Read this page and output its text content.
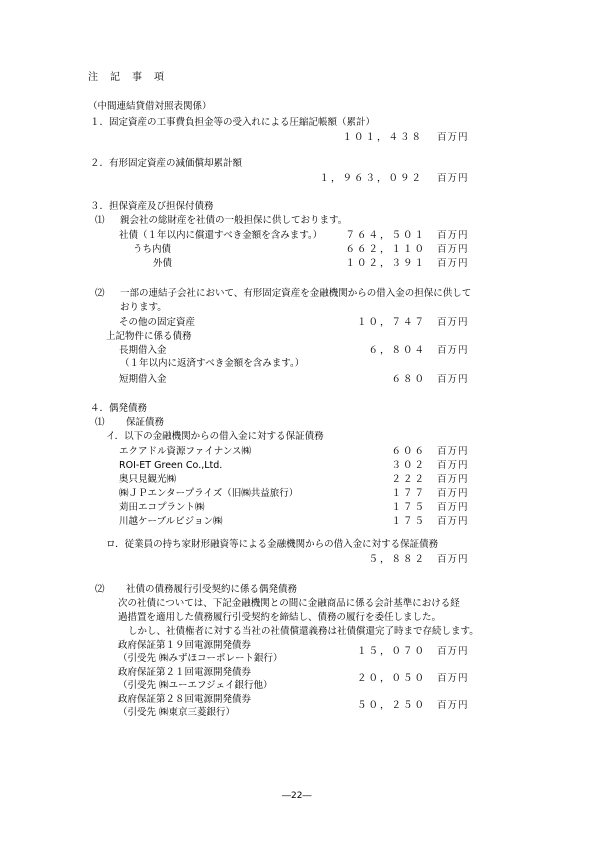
注記事項
（中間連結貸借対照表関係）
１．固定資産の工事費負担金等の受入れによる圧縮記帳額（累計）
１０１，４３８ 百万円
２．有形固定資産の減価償却累計額
１，９６３，０９２ 百万円
３．担保資産及び担保付債務
⑴ 親会社の総財産を社債の一般担保に供しております。
社債（１年以内に償還すべき金額を含みます。）	７６４，５０１ 百万円
うち内債	６６２，１１０ 百万円
外債	１０２，３９１ 百万円
⑵ 一部の連結子会社において、有形固定資産を金融機関からの借入金の担保に供して
おります。
その他の固定資産	１０，７４７ 百万円
上記物件に係る債務
長期借入金	６，８０４ 百万円
（１年以内に返済すべき金額を含みます。）
短期借入金	６８０ 百万円
４．偶発債務
⑴ 保証債務
イ．以下の金融機関からの借入金に対する保証債務
エクアドル資源ファイナンス㈱	６０６ 百万円
ROI-ET Green Co.,Ltd.	３０２ 百万円
奥只見観光㈱	２２２ 百万円
㈱ＪＰエンタープライズ（旧㈱共益旅行）	１７７ 百万円
苅田エコプラント㈱	１７５ 百万円
川越ケーブルビジョン㈱	１７５ 百万円
ロ．従業員の持ち家財形融資等による金融機関からの借入金に対する保証債務
５，８８２ 百万円
⑵ 社債の債務履行引受契約に係る偶発債務
次の社債については、下記金融機関との間に金融商品に係る会計基準における経
過措置を適用した債務履行引受契約を締結し、債務の履行を委任しました。
しかし、社債権者に対する当社の社債償還義務は社債償還完了時まで存続します。
政府保証第１９回電源開発債券
（引受先 ㈱みずほコーポレート銀行）
１５，０７０ 百万円
政府保証第２１回電源開発債券
（引受先 ㈱ユーエフジェイ銀行他）
２０，０５０ 百万円
政府保証第２８回電源開発債券
（引受先 ㈱東京三菱銀行）
５０，２５０ 百万円
―22―
